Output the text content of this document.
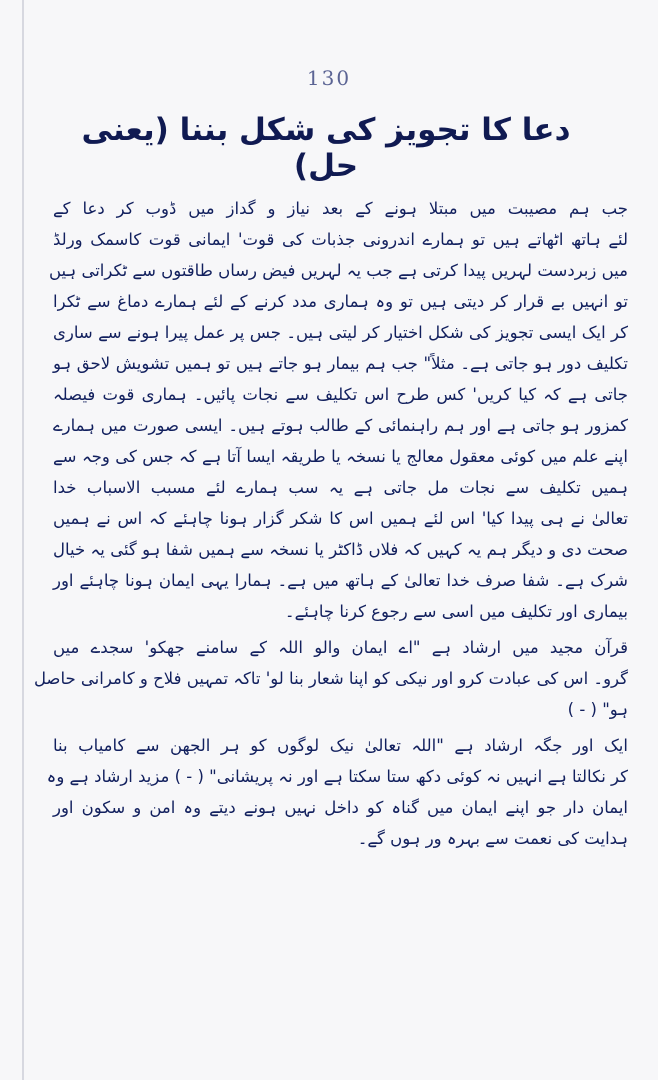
130
دعا کا تجویز کی شکل بننا (یعنی حل)
جب ہم مصیبت میں مبتلا ہونے کے بعد نیاز و گداز میں ڈوب کر دعا کے
لئے ہاتھ اٹھاتے ہیں تو ہمارے اندرونی جذبات کی قوت' ایمانی قوت کاسمک ورلڈ
میں زبردست لہریں پیدا کرتی ہے جب یہ لہریں فیض رساں طاقتوں سے ٹکراتی ہیں
تو انہیں بے قرار کر دیتی ہیں تو وہ ہماری مدد کرنے کے لئے ہمارے دماغ سے ٹکرا
کر ایک ایسی تجویز کی شکل اختیار کر لیتی ہیں۔ جس پر عمل پیرا ہونے سے ساری
تکلیف دور ہو جاتی ہے۔ مثلاً" جب ہم بیمار ہو جاتے ہیں تو ہمیں تشویش لاحق ہو
جاتی ہے کہ کیا کریں' کس طرح اس تکلیف سے نجات پائیں۔ ہماری قوت فیصلہ
کمزور ہو جاتی ہے اور ہم راہنمائی کے طالب ہوتے ہیں۔ ایسی صورت میں ہمارے
اپنے علم میں کوئی معقول معالج یا نسخہ یا طریقہ ایسا آتا ہے کہ جس کی وجہ سے
ہمیں تکلیف سے نجات مل جاتی ہے یہ سب ہمارے لئے مسبب الاسباب خدا
تعالیٰ نے ہی پیدا کیا' اس لئے ہمیں اس کا شکر گزار ہونا چاہئے کہ اس نے ہمیں
صحت دی و دیگر ہم یہ کہیں کہ فلاں ڈاکٹر یا نسخہ سے ہمیں شفا ہو گئی یہ خیال
شرک ہے۔ شفا صرف خدا تعالیٰ کے ہاتھ میں ہے۔ ہمارا یہی ایمان ہونا چاہئے اور
بیماری اور تکلیف میں اسی سے رجوع کرنا چاہئے۔
قرآن مجید میں ارشاد ہے "اے ایمان والو اللہ کے سامنے جھکو' سجدے میں
گرو۔ اس کی عبادت کرو اور نیکی کو اپنا شعار بنا لو' تاکہ تمہیں فلاح و کامرانی حاصل
ہو" ( - )
ایک اور جگہ ارشاد ہے "اللہ تعالیٰ نیک لوگوں کو ہر الجھن سے کامیاب بنا
کر نکالتا ہے انہیں نہ کوئی دکھ ستا سکتا ہے اور نہ پریشانی" ( - ) مزید ارشاد ہے وہ
ایمان دار جو اپنے ایمان میں گناہ کو داخل نہیں ہونے دیتے وہ امن و سکون اور
ہدایت کی نعمت سے بہرہ ور ہوں گے۔
